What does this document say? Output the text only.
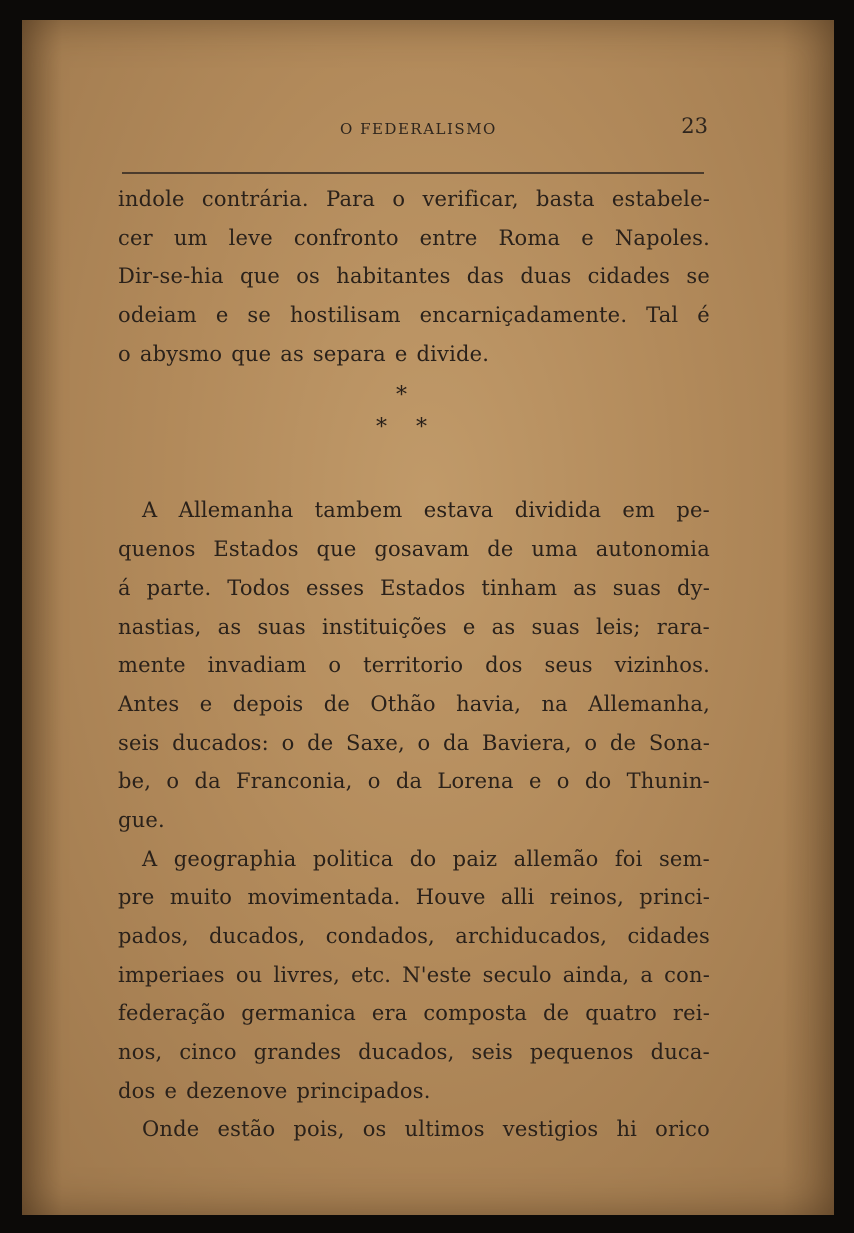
O FEDERALISMO	23
indole contrária. Para o verificar, basta estabele-
cer um leve confronto entre Roma e Napoles.
Dir-se-hia que os habitantes das duas cidades se
odeiam e se hostilisam encarniçadamente. Tal é
o abysmo que as separa e divide.
*
* *
A Allemanha tambem estava dividida em pe-
quenos Estados que gosavam de uma autonomia
á parte. Todos esses Estados tinham as suas dy-
nastias, as suas instituições e as suas leis; rara-
mente invadiam o territorio dos seus vizinhos.
Antes e depois de Othão havia, na Allemanha,
seis ducados: o de Saxe, o da Baviera, o de Sona-
be, o da Franconia, o da Lorena e o do Thunin-
gue.
A geographia politica do paiz allemão foi sem-
pre muito movimentada. Houve alli reinos, princi-
pados, ducados, condados, archiducados, cidades
imperiaes ou livres, etc. N'este seculo ainda, a con-
federação germanica era composta de quatro rei-
nos, cinco grandes ducados, seis pequenos duca-
dos e dezenove principados.
Onde estão pois, os ultimos vestigios hi orico
